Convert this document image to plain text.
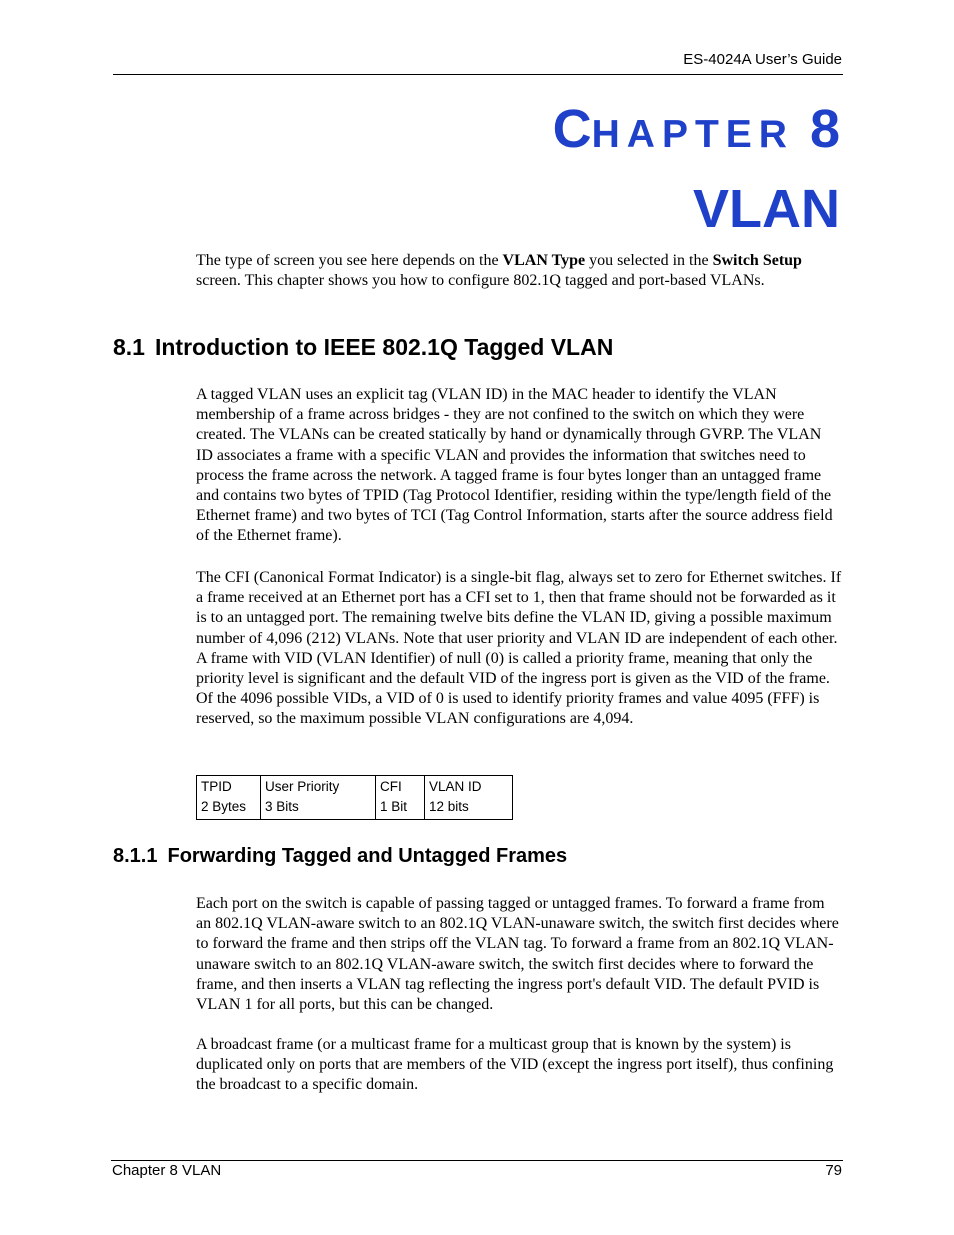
ES-4024A User’s Guide
CHAPTER 8
VLAN

The type of screen you see here depends on the VLAN Type you selected in the Switch Setup screen. This chapter shows you how to configure 802.1Q tagged and port-based VLANs.

8.1 Introduction to IEEE 802.1Q Tagged VLAN

A tagged VLAN uses an explicit tag (VLAN ID) in the MAC header to identify the VLAN membership of a frame across bridges - they are not confined to the switch on which they were created. The VLANs can be created statically by hand or dynamically through GVRP. The VLAN ID associates a frame with a specific VLAN and provides the information that switches need to process the frame across the network. A tagged frame is four bytes longer than an untagged frame and contains two bytes of TPID (Tag Protocol Identifier, residing within the type/length field of the Ethernet frame) and two bytes of TCI (Tag Control Information, starts after the source address field of the Ethernet frame).

The CFI (Canonical Format Indicator) is a single-bit flag, always set to zero for Ethernet switches. If a frame received at an Ethernet port has a CFI set to 1, then that frame should not be forwarded as it is to an untagged port. The remaining twelve bits define the VLAN ID, giving a possible maximum number of 4,096 (212) VLANs. Note that user priority and VLAN ID are independent of each other. A frame with VID (VLAN Identifier) of null (0) is called a priority frame, meaning that only the priority level is significant and the default VID of the ingress port is given as the VID of the frame. Of the 4096 possible VIDs, a VID of 0 is used to identify priority frames and value 4095 (FFF) is reserved, so the maximum possible VLAN configurations are 4,094.

TPID	User Priority	CFI	VLAN ID
2 Bytes	3 Bits	1 Bit	12 bits
8.1.1 Forwarding Tagged and Untagged Frames

Each port on the switch is capable of passing tagged or untagged frames. To forward a frame from an 802.1Q VLAN-aware switch to an 802.1Q VLAN-unaware switch, the switch first decides where to forward the frame and then strips off the VLAN tag. To forward a frame from an 802.1Q VLAN-unaware switch to an 802.1Q VLAN-aware switch, the switch first decides where to forward the frame, and then inserts a VLAN tag reflecting the ingress port's default VID. The default PVID is VLAN 1 for all ports, but this can be changed.

A broadcast frame (or a multicast frame for a multicast group that is known by the system) is duplicated only on ports that are members of the VID (except the ingress port itself), thus confining the broadcast to a specific domain.

Chapter 8 VLAN	79
